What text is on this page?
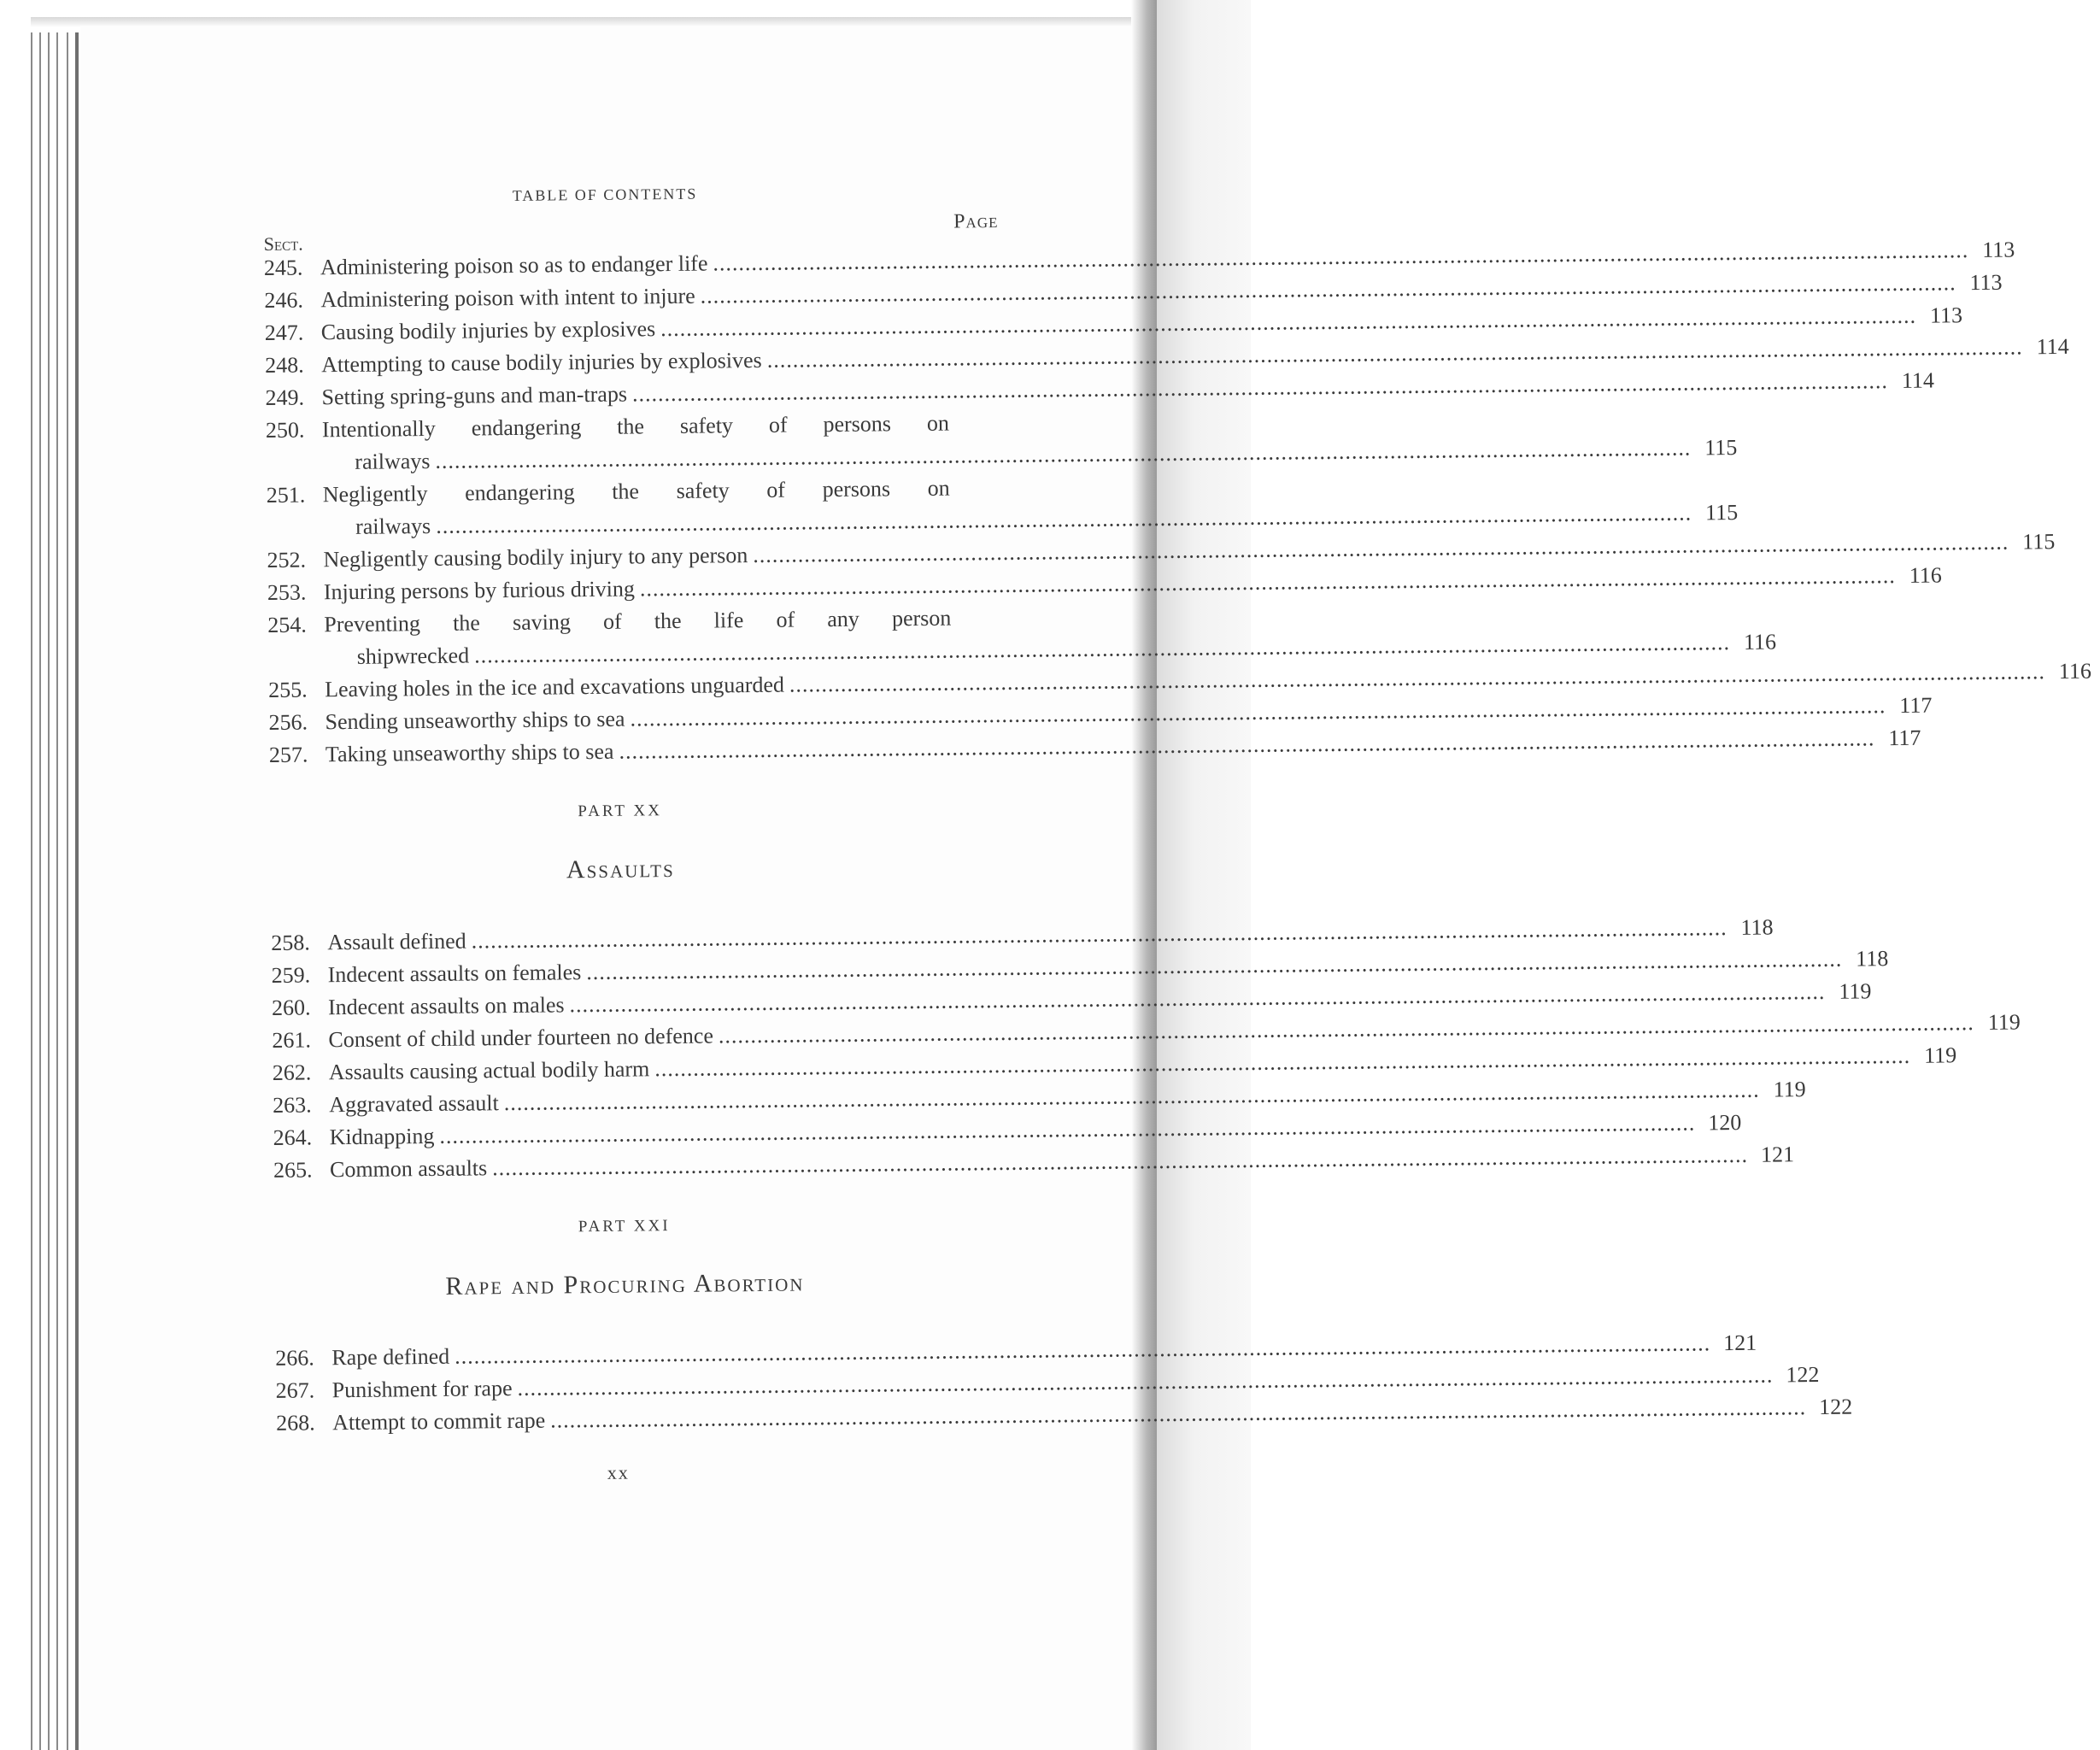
TABLE OF CONTENTS
Sect.
Page
245. Administering poison so as to endanger life
.....
113
246. Administering poison with intent to injure
.....
113
247. Causing bodily injuries by explosives
.....
113
248. Attempting to cause bodily injuries by explosives
.....
114
249. Setting spring-guns and man-traps
.....
114
250. Intentionally endangering the safety of persons on
railways
.....
115
251. Negligently endangering the safety of persons on
railways
.....
115
252. Negligently causing bodily injury to any person
.....
115
253. Injuring persons by furious driving
.....
116
254. Preventing the saving of the life of any person
shipwrecked
.....
116
255. Leaving holes in the ice and excavations unguarded
.....
116
256. Sending unseaworthy ships to sea
.....
117
257. Taking unseaworthy ships to sea
.....
117
PART XX
Assaults
258. Assault defined
.....
118
259. Indecent assaults on females
.....
118
260. Indecent assaults on males
.....
119
261. Consent of child under fourteen no defence
.....
119
262. Assaults causing actual bodily harm
.....
119
263. Aggravated assault
.....
119
264. Kidnapping
.....
120
265. Common assaults
.....
121
PART XXI
Rape and Procuring Abortion
266. Rape defined
.....
121
267. Punishment for rape
.....
122
268. Attempt to commit rape
.....
122
xx
